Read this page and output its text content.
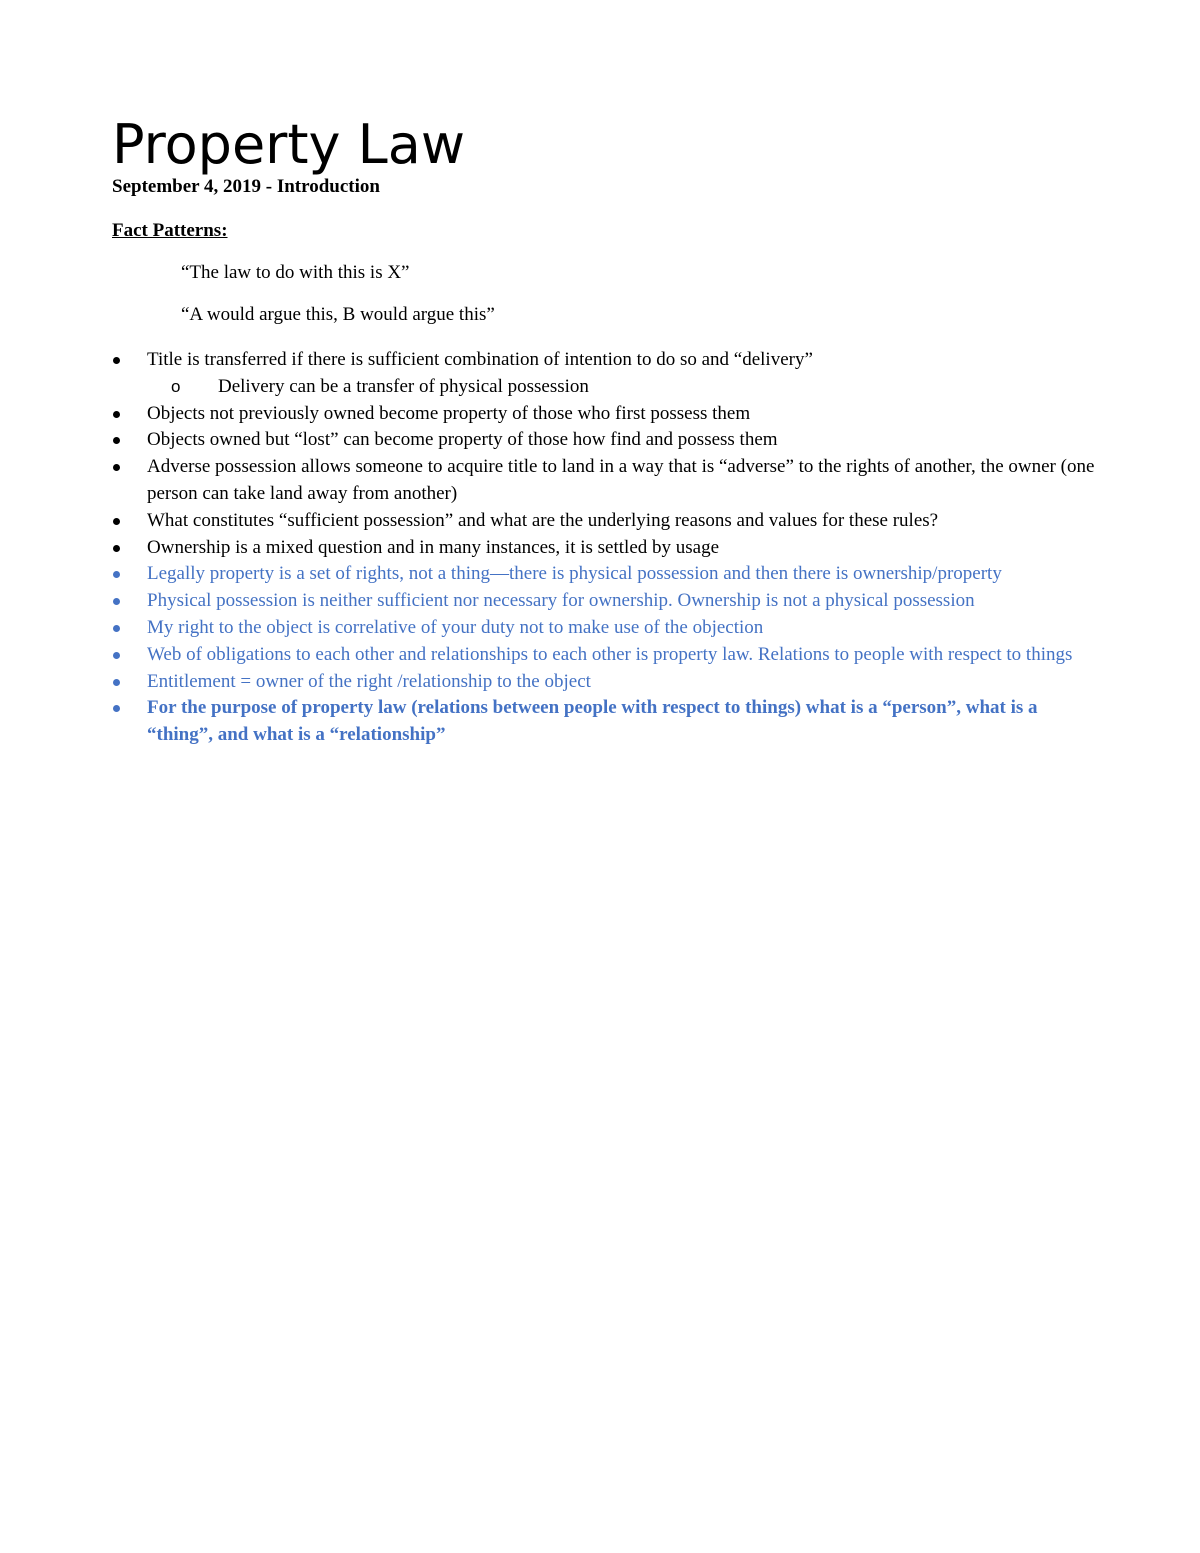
Property Law

September 4, 2019 - Introduction

Fact Patterns:

“The law to do with this is X”

“A would argue this, B would argue this”

Title is transferred if there is sufficient combination of intention to do so and “delivery”
o Delivery can be a transfer of physical possession
Objects not previously owned become property of those who first possess them
Objects owned but “lost” can become property of those how find and possess them
Adverse possession allows someone to acquire title to land in a way that is “adverse” to the rights of another, the owner (one person can take land away from another)
What constitutes “sufficient possession” and what are the underlying reasons and values for these rules?
Ownership is a mixed question and in many instances, it is settled by usage
Legally property is a set of rights, not a thing—there is physical possession and then there is ownership/property
Physical possession is neither sufficient nor necessary for ownership. Ownership is not a physical possession
My right to the object is correlative of your duty not to make use of the objection
Web of obligations to each other and relationships to each other is property law. Relations to people with respect to things
Entitlement = owner of the right /relationship to the object
For the purpose of property law (relations between people with respect to things) what is a “person”, what is a “thing”, and what is a “relationship”
